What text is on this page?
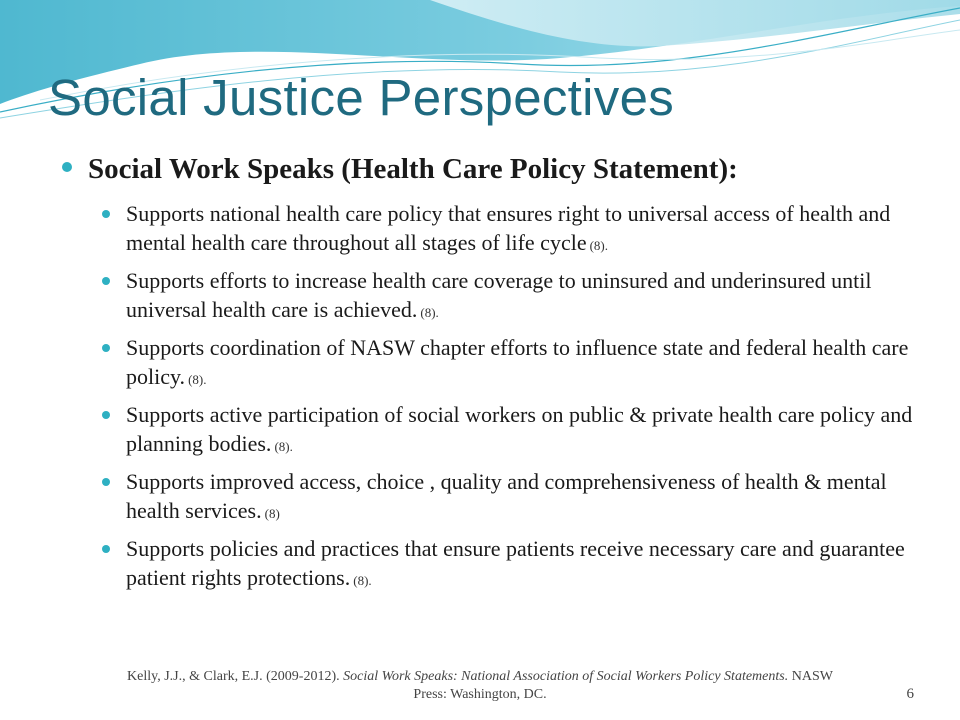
Social Justice Perspectives
Social Work Speaks (Health Care Policy Statement):
Supports national health care policy that ensures right to universal access of health and mental health care throughout all stages of life cycle (8).
Supports efforts to increase health care coverage to uninsured and underinsured until universal health care is achieved. (8).
Supports coordination of NASW chapter efforts to influence state and federal health care policy. (8).
Supports active participation of social workers on public & private health care policy and planning bodies. (8).
Supports improved access, choice , quality and comprehensiveness of health & mental health services. (8)
Supports policies and practices that ensure patients receive necessary care and guarantee patient rights protections. (8).
Kelly, J.J., & Clark, E.J. (2009-2012). Social Work Speaks: National Association of Social Workers Policy Statements. NASW Press: Washington, DC.	6
